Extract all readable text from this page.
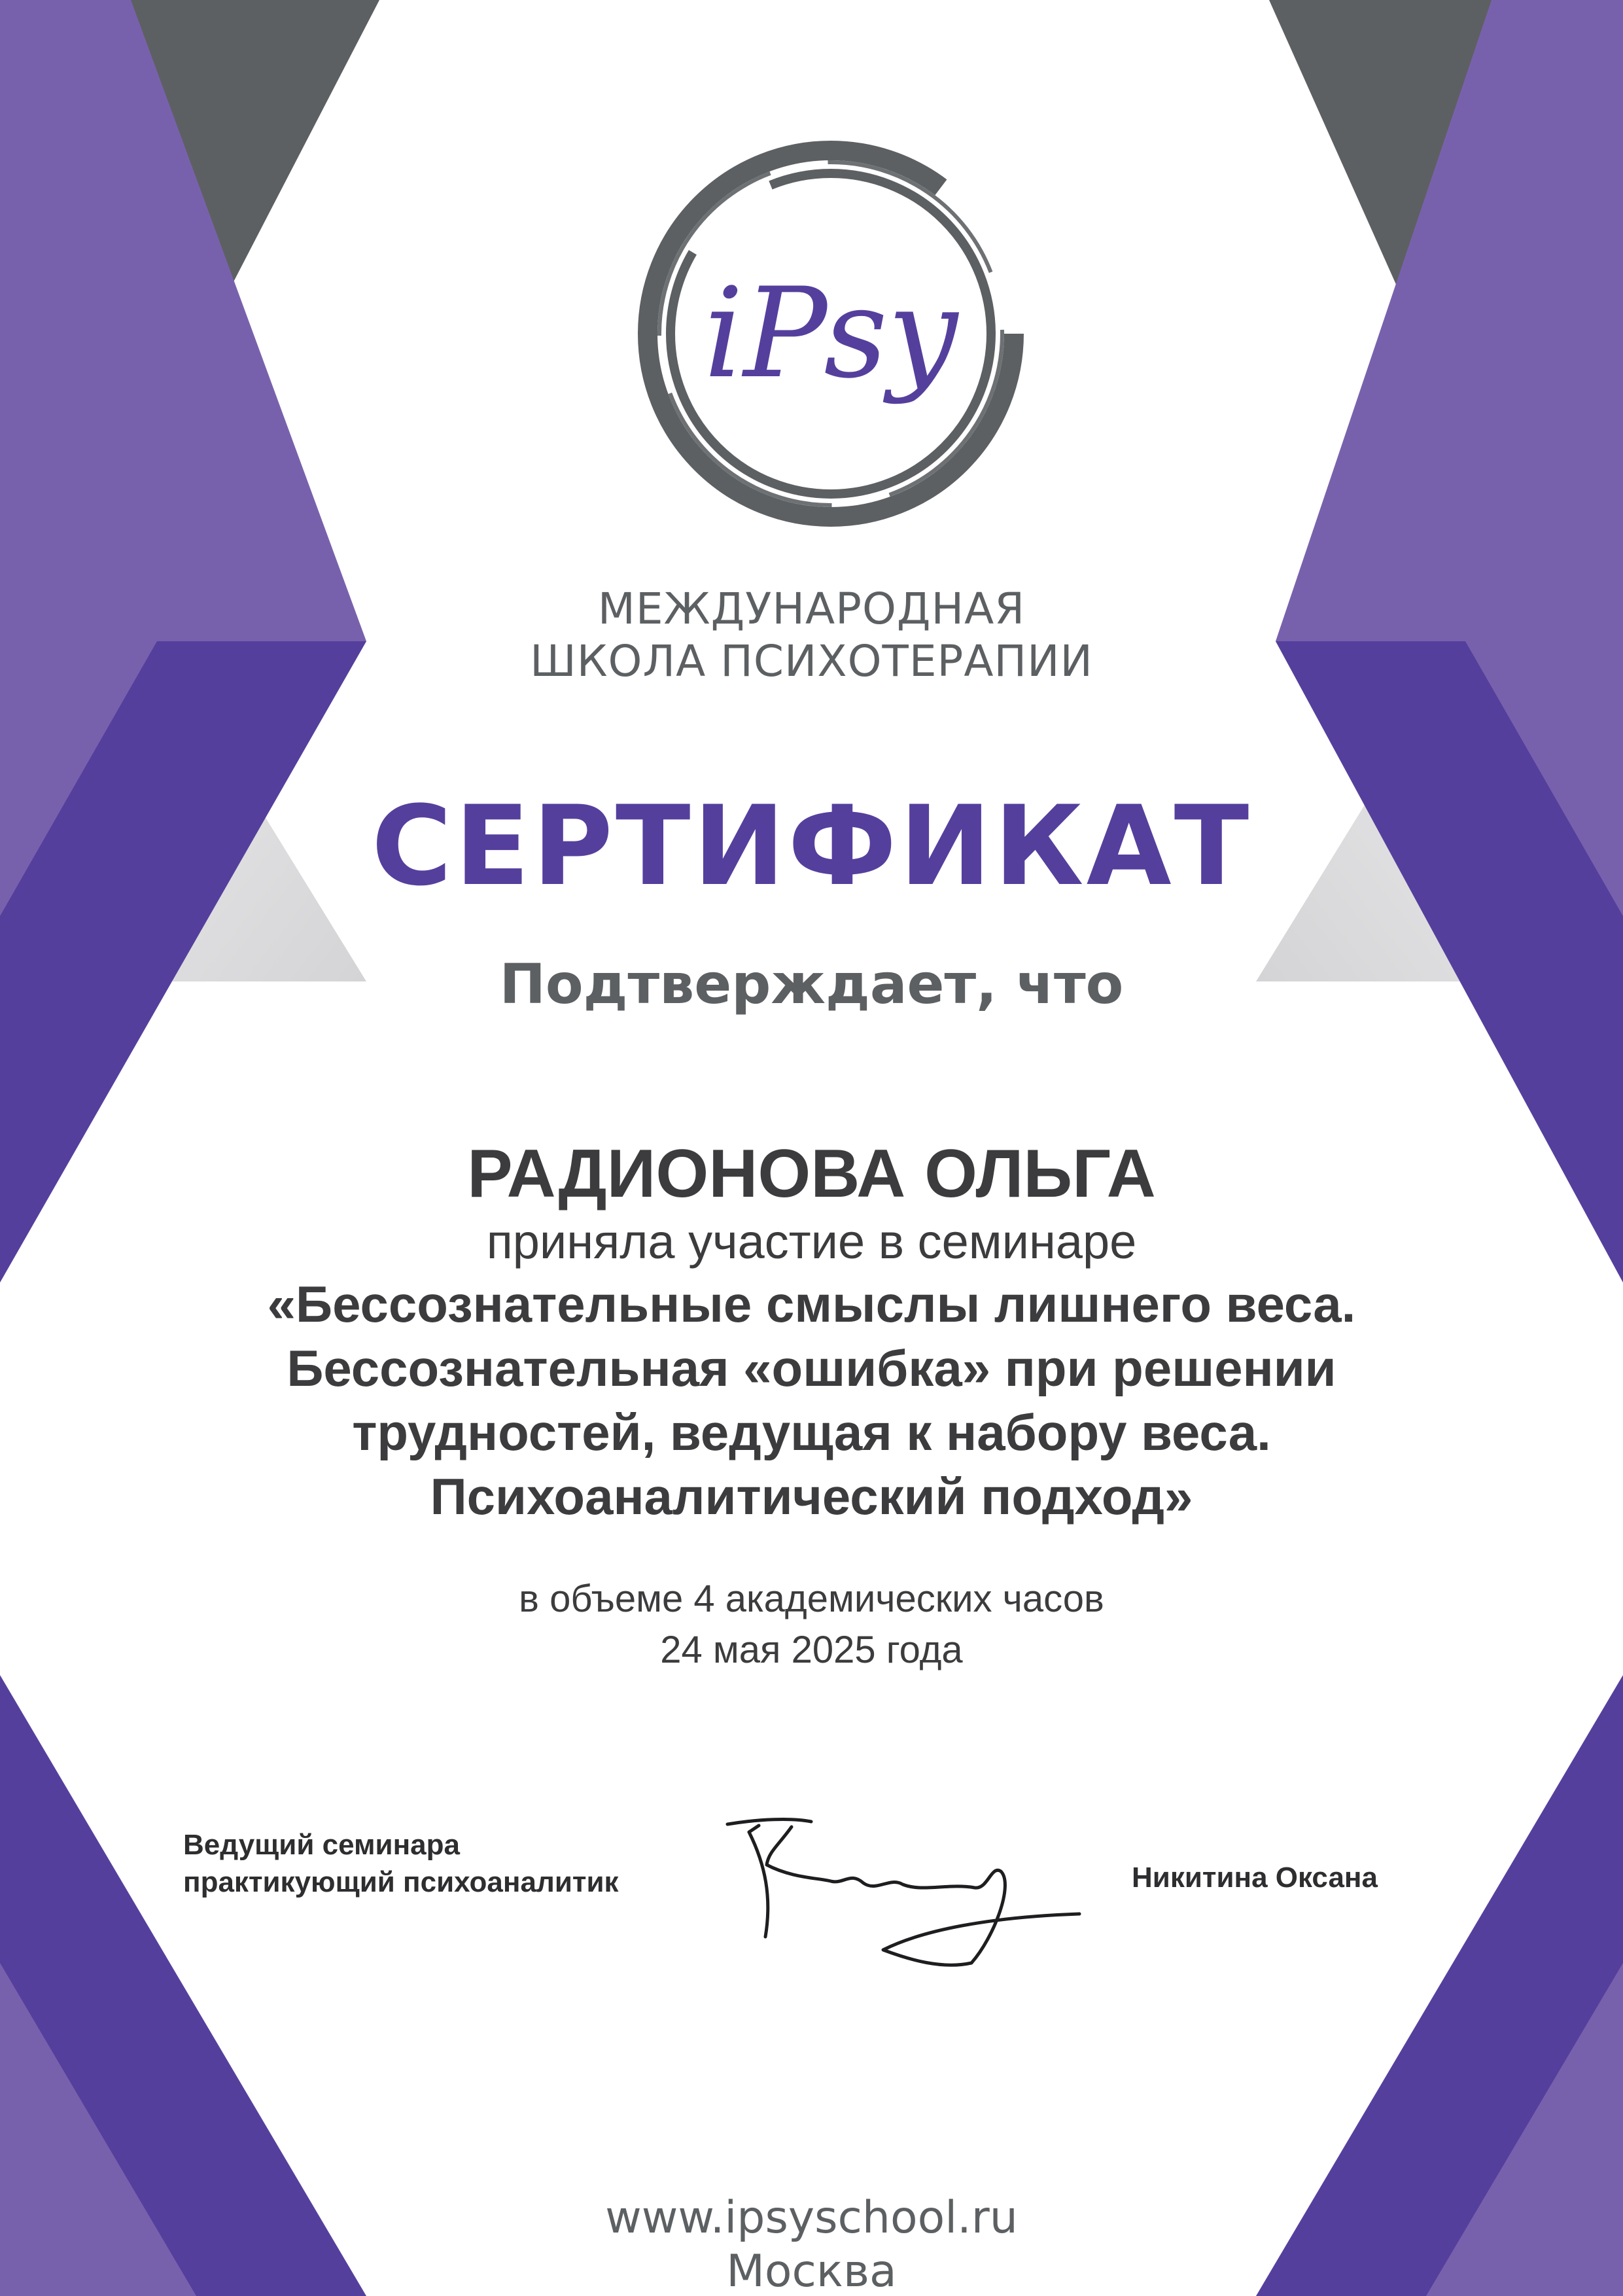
iPsy

МЕЖДУНАРОДНАЯ

ШКОЛА ПСИХОТЕРАПИИ

СЕРТИФИКАТ

Подтверждает, что

РАДИОНОВА ОЛЬГА

приняла участие в семинаре

«Бессознательные смыслы лишнего веса.

Бессознательная «ошибка» при решении

трудностей, ведущая к набору веса.

Психоаналитический подход»

в объеме 4 академических часов

24 мая 2025 года

Ведущий семинара

практикующий психоаналитик	Никитина Оксана

www.ipsyschool.ru

Москва
